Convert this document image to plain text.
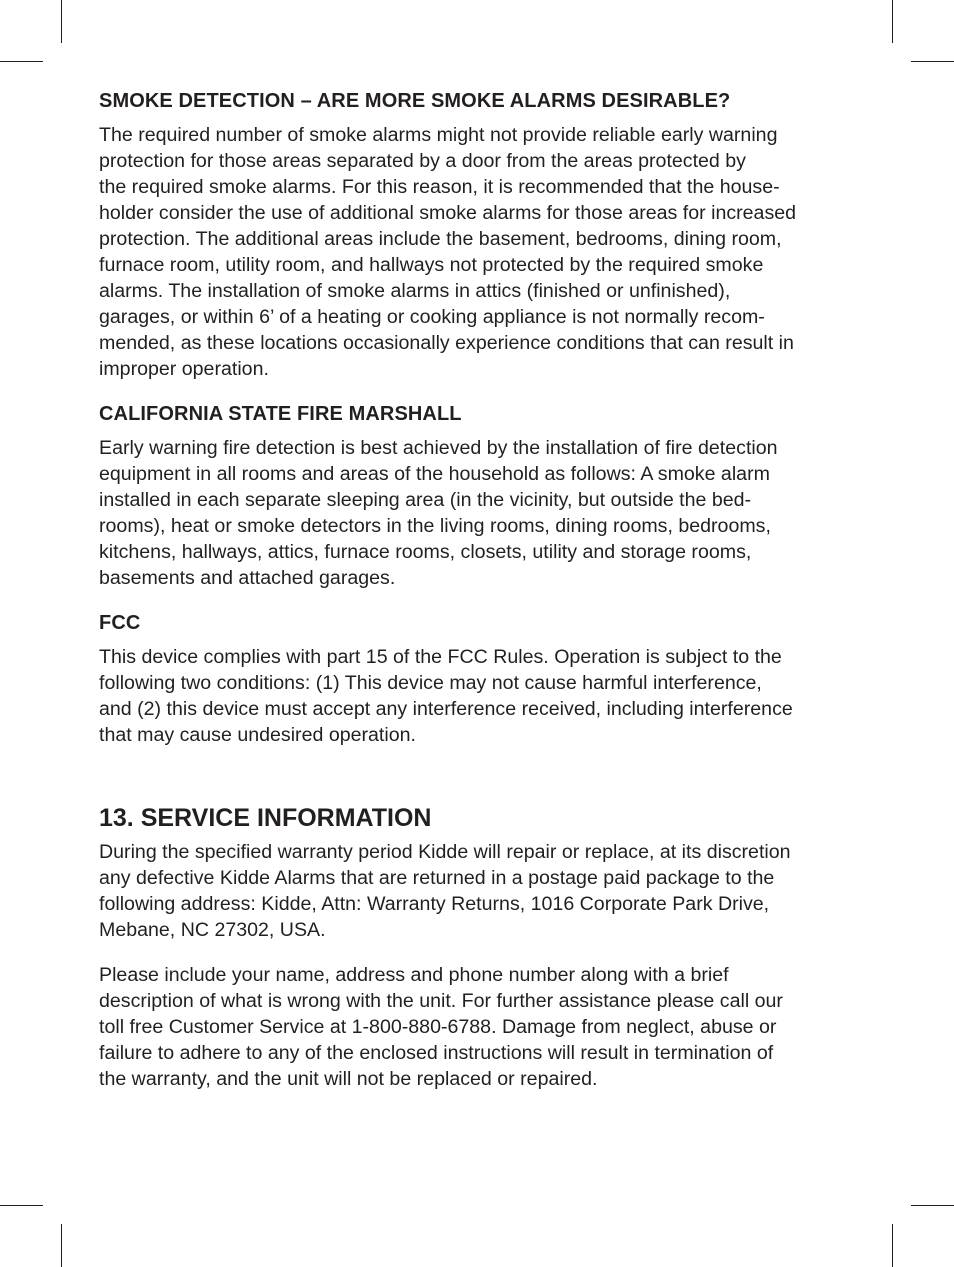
SMOKE DETECTION – ARE MORE SMOKE ALARMS DESIRABLE?

The required number of smoke alarms might not provide reliable early warning
protection for those areas separated by a door from the areas protected by
the required smoke alarms. For this reason, it is recommended that the house-
holder consider the use of additional smoke alarms for those areas for increased
protection. The additional areas include the basement, bedrooms, dining room,
furnace room, utility room, and hallways not protected by the required smoke
alarms. The installation of smoke alarms in attics (finished or unfinished),
garages, or within 6’ of a heating or cooking appliance is not normally recom-
mended, as these locations occasionally experience conditions that can result in
improper operation.

CALIFORNIA STATE FIRE MARSHALL

Early warning fire detection is best achieved by the installation of fire detection
equipment in all rooms and areas of the household as follows: A smoke alarm
installed in each separate sleeping area (in the vicinity, but outside the bed-
rooms), heat or smoke detectors in the living rooms, dining rooms, bedrooms,
kitchens, hallways, attics, furnace rooms, closets, utility and storage rooms,
basements and attached garages.

FCC

This device complies with part 15 of the FCC Rules. Operation is subject to the
following two conditions: (1) This device may not cause harmful interference,
and (2) this device must accept any interference received, including interference
that may cause undesired operation.

13. SERVICE INFORMATION

During the specified warranty period Kidde will repair or replace, at its discretion
any defective Kidde Alarms that are returned in a postage paid package to the
following address: Kidde, Attn: Warranty Returns, 1016 Corporate Park Drive,
Mebane, NC 27302, USA.

Please include your name, address and phone number along with a brief
description of what is wrong with the unit. For further assistance please call our
toll free Customer Service at 1-800-880-6788. Damage from neglect, abuse or
failure to adhere to any of the enclosed instructions will result in termination of
the warranty, and the unit will not be replaced or repaired.
